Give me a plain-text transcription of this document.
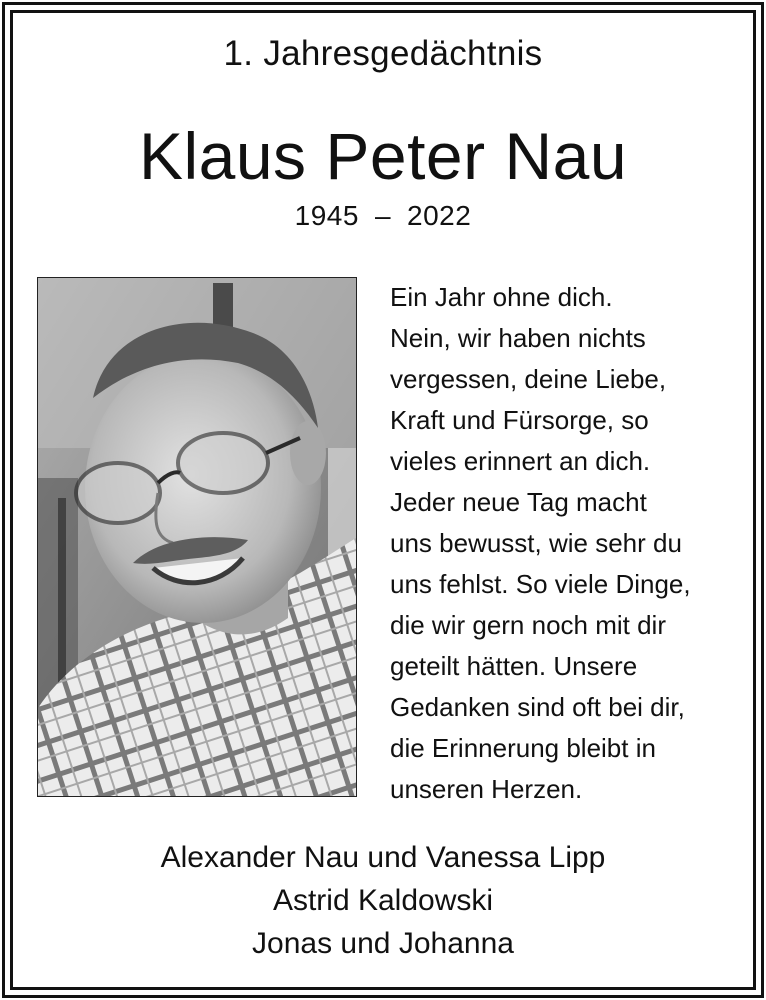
1. Jahresgedächtnis
Klaus Peter Nau
1945 – 2022
Ein Jahr ohne dich.
Nein, wir haben nichts
vergessen, deine Liebe,
Kraft und Fürsorge, so
vieles erinnert an dich.
Jeder neue Tag macht
uns bewusst, wie sehr du
uns fehlst. So viele Dinge,
die wir gern noch mit dir
geteilt hätten. Unsere
Gedanken sind oft bei dir,
die Erinnerung bleibt in
unseren Herzen.
Alexander Nau und Vanessa Lipp
Astrid Kaldowski
Jonas und Johanna
